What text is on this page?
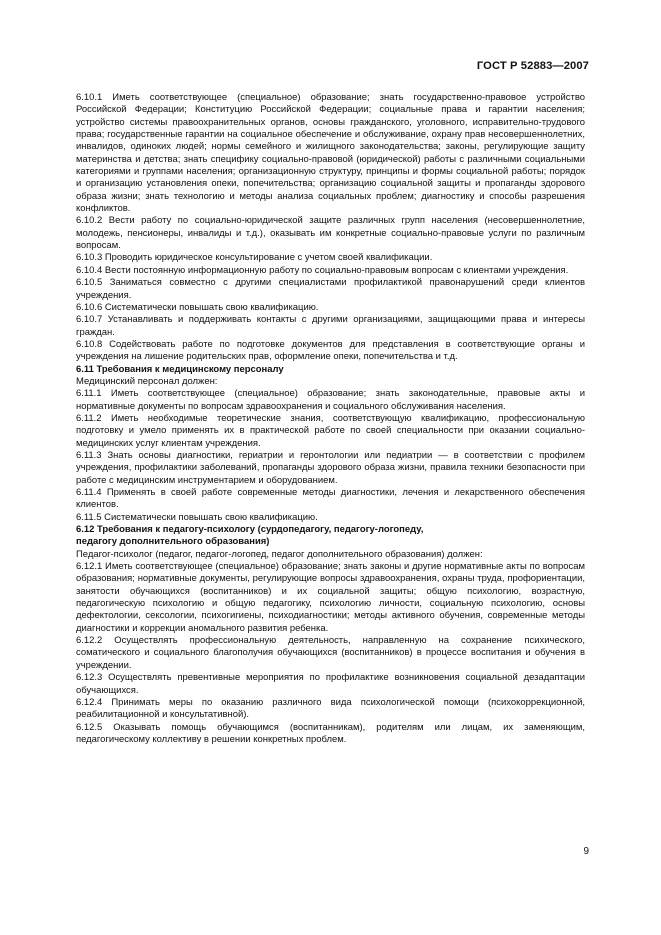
ГОСТ Р 52883—2007

6.10.1 Иметь соответствующее (специальное) образование; знать государственно-правовое устройство Российской Федерации; Конституцию Российской Федерации; социальные права и гарантии населения; устройство системы правоохранительных органов, основы гражданского, уголовного, исправительно-трудового права; государственные гарантии на социальное обеспечение и обслуживание, охрану прав несовершеннолетних, инвалидов, одиноких людей; нормы семейного и жилищного законодательства; законы, регулирующие защиту материнства и детства; знать специфику социально-правовой (юридической) работы с различными социальными категориями и группами населения; организационную структуру, принципы и формы социальной работы; порядок и организацию установления опеки, попечительства; организацию социальной защиты и пропаганды здорового образа жизни; знать технологию и методы анализа социальных проблем; диагностику и способы разрешения конфликтов.

6.10.2 Вести работу по социально-юридической защите различных групп населения (несовершеннолетние, молодежь, пенсионеры, инвалиды и т.д.), оказывать им конкретные социально-правовые услуги по различным вопросам.

6.10.3 Проводить юридическое консультирование с учетом своей квалификации.

6.10.4 Вести постоянную информационную работу по социально-правовым вопросам с клиентами учреждения.

6.10.5 Заниматься совместно с другими специалистами профилактикой правонарушений среди клиентов учреждения.

6.10.6 Систематически повышать свою квалификацию.

6.10.7 Устанавливать и поддерживать контакты с другими организациями, защищающими права и интересы граждан.

6.10.8 Содействовать работе по подготовке документов для представления в соответствующие органы и учреждения на лишение родительских прав, оформление опеки, попечительства и т.д.

6.11 Требования к медицинскому персоналу

Медицинский персонал должен:

6.11.1 Иметь соответствующее (специальное) образование; знать законодательные, правовые акты и нормативные документы по вопросам здравоохранения и социального обслуживания населения.

6.11.2 Иметь необходимые теоретические знания, соответствующую квалификацию, профессиональную подготовку и умело применять их в практической работе по своей специальности при оказании социально-медицинских услуг клиентам учреждения.

6.11.3 Знать основы диагностики, гериатрии и геронтологии или педиатрии — в соответствии с профилем учреждения, профилактики заболеваний, пропаганды здорового образа жизни, правила техники безопасности при работе с медицинским инструментарием и оборудованием.

6.11.4 Применять в своей работе современные методы диагностики, лечения и лекарственного обеспечения клиентов.

6.11.5 Систематически повышать свою квалификацию.

6.12 Требования к педагогу-психологу (сурдопедагогу, педагогу-логопеду,
педагогу дополнительного образования)

Педагог-психолог (педагог, педагог-логопед, педагог дополнительного образования) должен:

6.12.1 Иметь соответствующее (специальное) образование; знать законы и другие нормативные акты по вопросам образования; нормативные документы, регулирующие вопросы здравоохранения, охраны труда, профориентации, занятости обучающихся (воспитанников) и их социальной защиты; общую психологию, возрастную, педагогическую психологию и общую педагогику, психологию личности, социальную психологию, основы дефектологии, сексологии, психогигиены, психодиагностики; методы активного обучения, современные методы диагностики и коррекции аномального развития ребенка.

6.12.2 Осуществлять профессиональную деятельность, направленную на сохранение психического, соматического и социального благополучия обучающихся (воспитанников) в процессе воспитания и обучения в учреждении.

6.12.3 Осуществлять превентивные мероприятия по профилактике возникновения социальной дезадаптации обучающихся.

6.12.4 Принимать меры по оказанию различного вида психологической помощи (психокоррекционной, реабилитационной и консультативной).

6.12.5 Оказывать помощь обучающимся (воспитанникам), родителям или лицам, их заменяющим, педагогическому коллективу в решении конкретных проблем.

9
